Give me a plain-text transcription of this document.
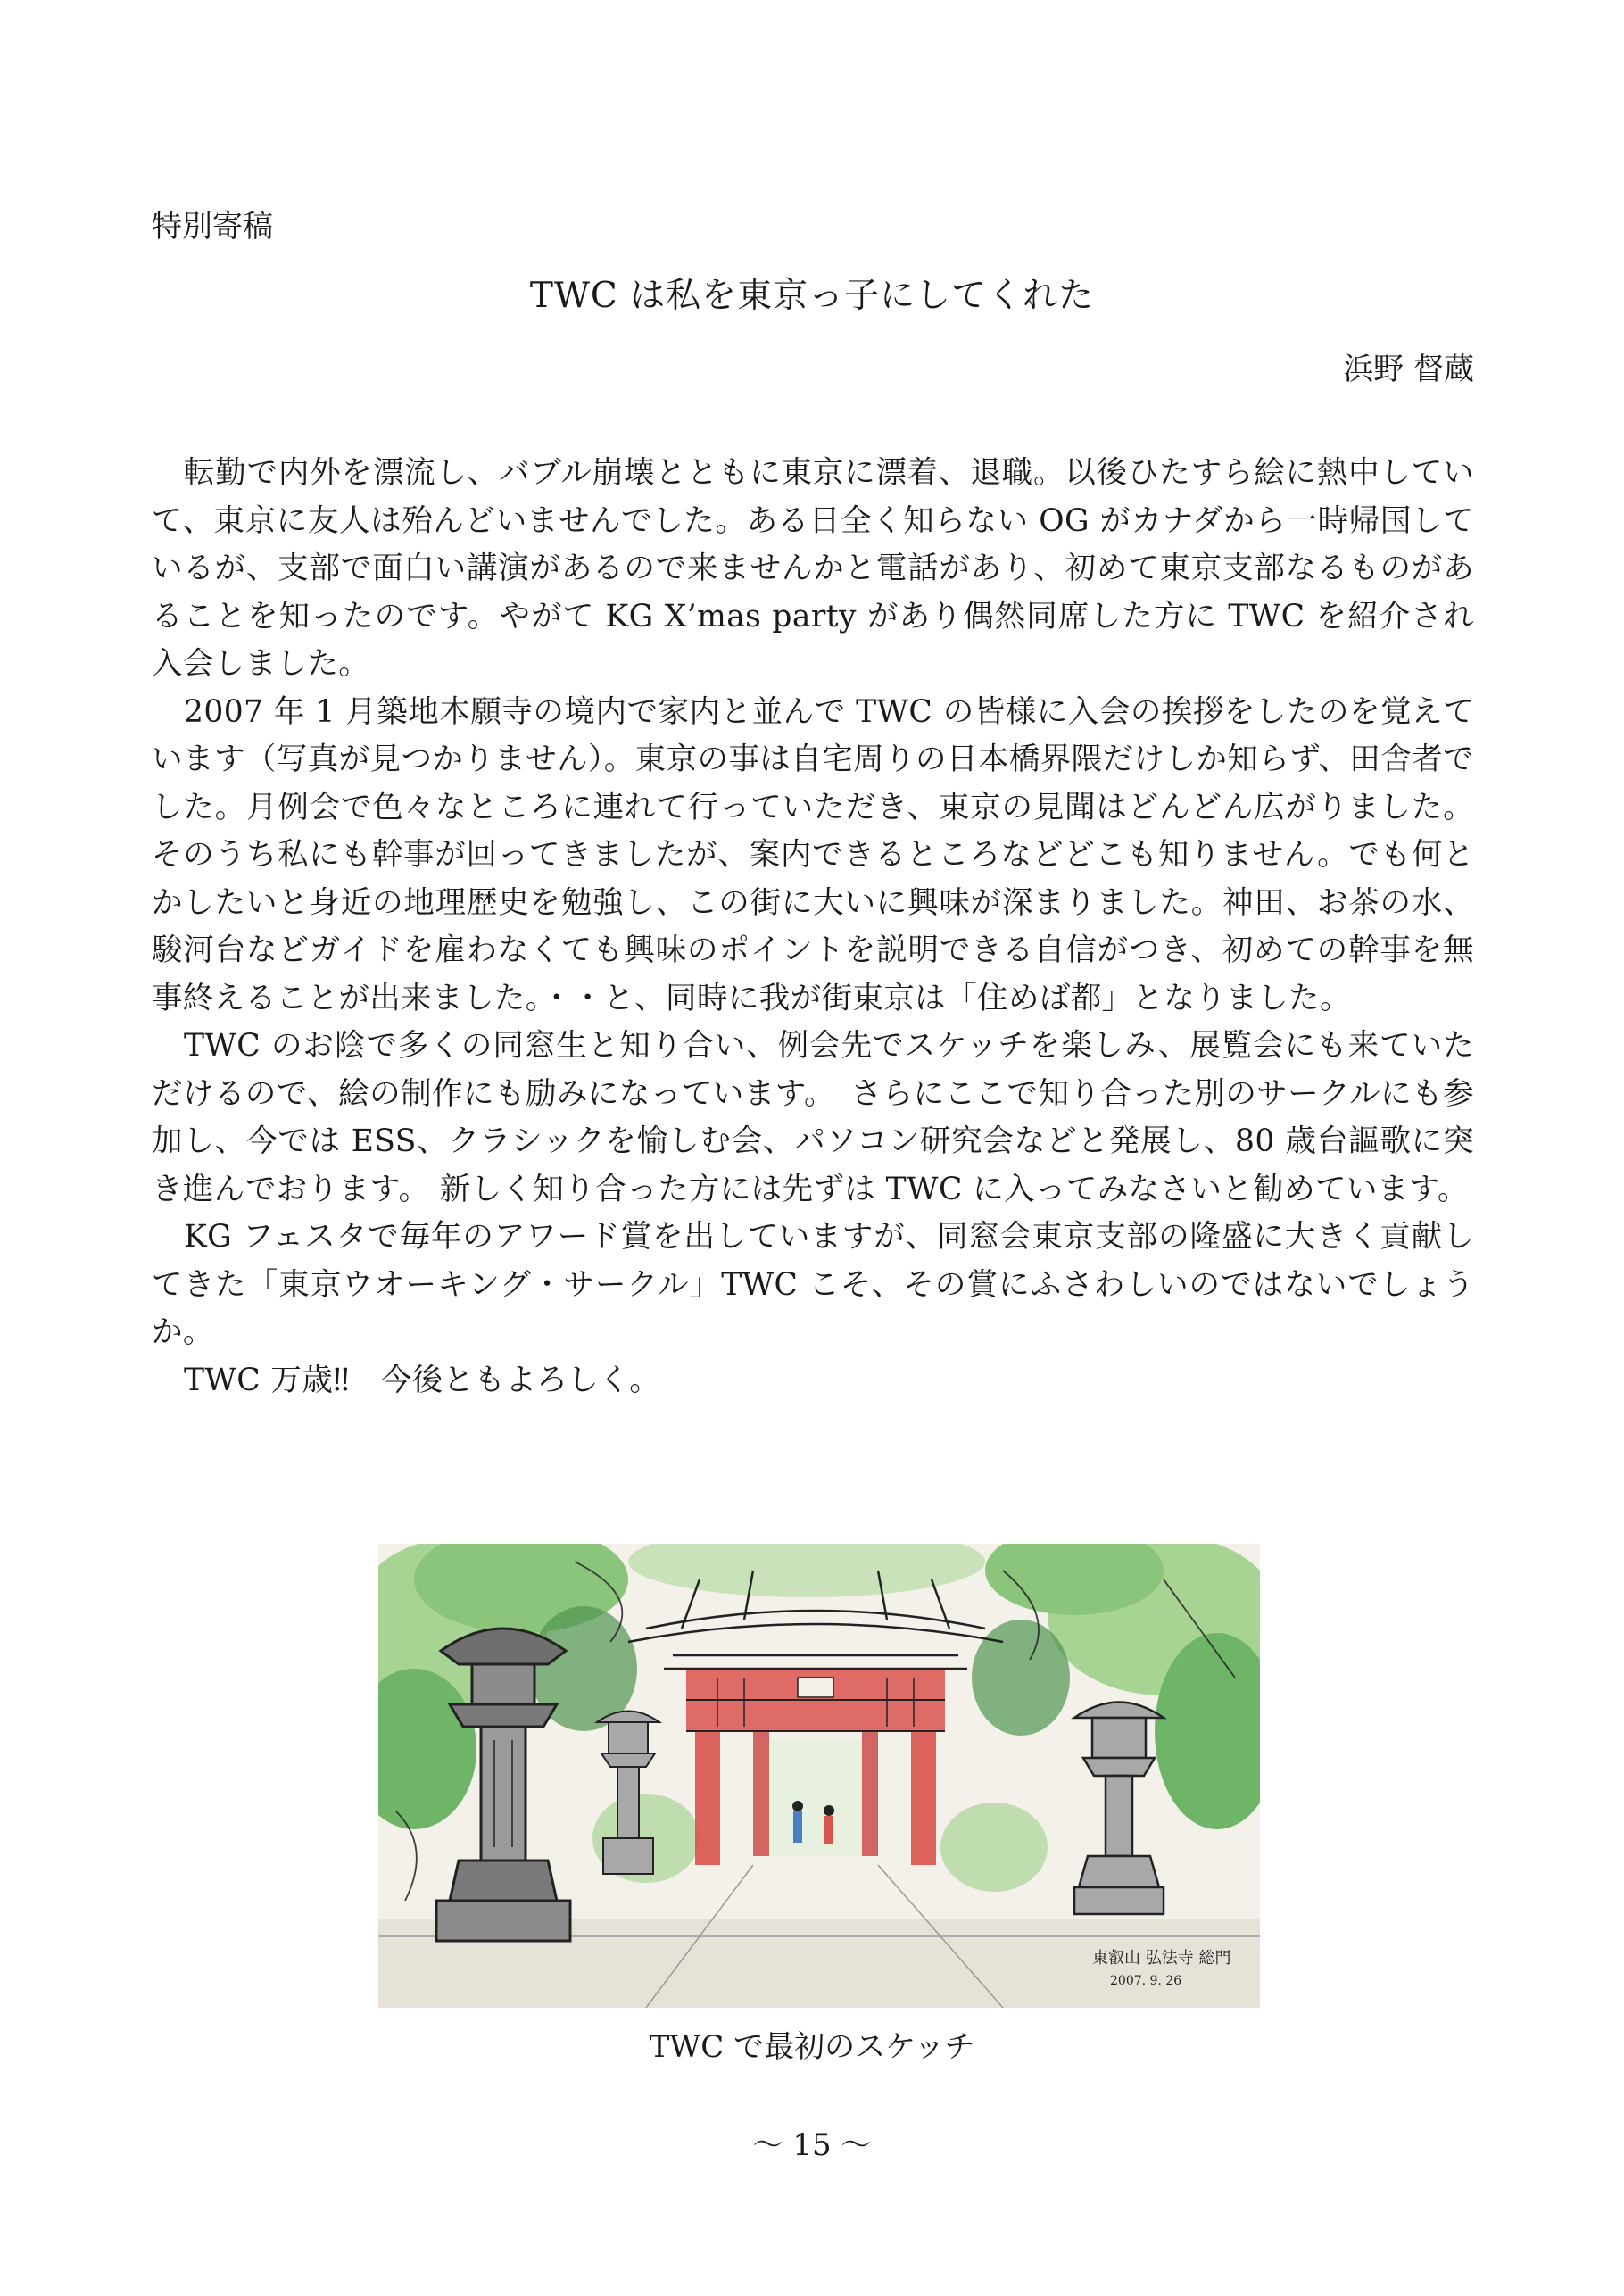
特別寄稿
TWC は私を東京っ子にしてくれた
浜野 督蔵

転勤で内外を漂流し、バブル崩壊とともに東京に漂着、退職。以後ひたすら絵に熱中していて、東京に友人は殆んどいませんでした。ある日全く知らない OG がカナダから一時帰国しているが、支部で面白い講演があるので来ませんかと電話があり、初めて東京支部なるものがあることを知ったのです。やがて KG X’mas party があり偶然同席した方に TWC を紹介され入会しました。

2007 年 1 月築地本願寺の境内で家内と並んで TWC の皆様に入会の挨拶をしたのを覚えています（写真が見つかりません）。東京の事は自宅周りの日本橋界隈だけしか知らず、田舎者でした。月例会で色々なところに連れて行っていただき、東京の見聞はどんどん広がりました。そのうち私にも幹事が回ってきましたが、案内できるところなどどこも知りません。でも何とかしたいと身近の地理歴史を勉強し、この街に大いに興味が深まりました。神田、お茶の水、駿河台などガイドを雇わなくても興味のポイントを説明できる自信がつき、初めての幹事を無事終えることが出来ました。・・と、同時に我が街東京は「住めば都」となりました。

TWC のお陰で多くの同窓生と知り合い、例会先でスケッチを楽しみ、展覧会にも来ていただけるので、絵の制作にも励みになっています。　さらにここで知り合った別のサークルにも参加し、今では ESS、クラシックを愉しむ会、パソコン研究会などと発展し、80 歳台謳歌に突き進んでおります。 新しく知り合った方には先ずは TWC に入ってみなさいと勧めています。

KG フェスタで毎年のアワード賞を出していますが、同窓会東京支部の隆盛に大きく貢献してきた「東京ウオーキング・サークル」TWC こそ、その賞にふさわしいのではないでしょうか。

TWC 万歳‼　今後ともよろしく。

東叡山 弘法寺 総門
2007. 9. 26
TWC で最初のスケッチ
～ 15 ～
